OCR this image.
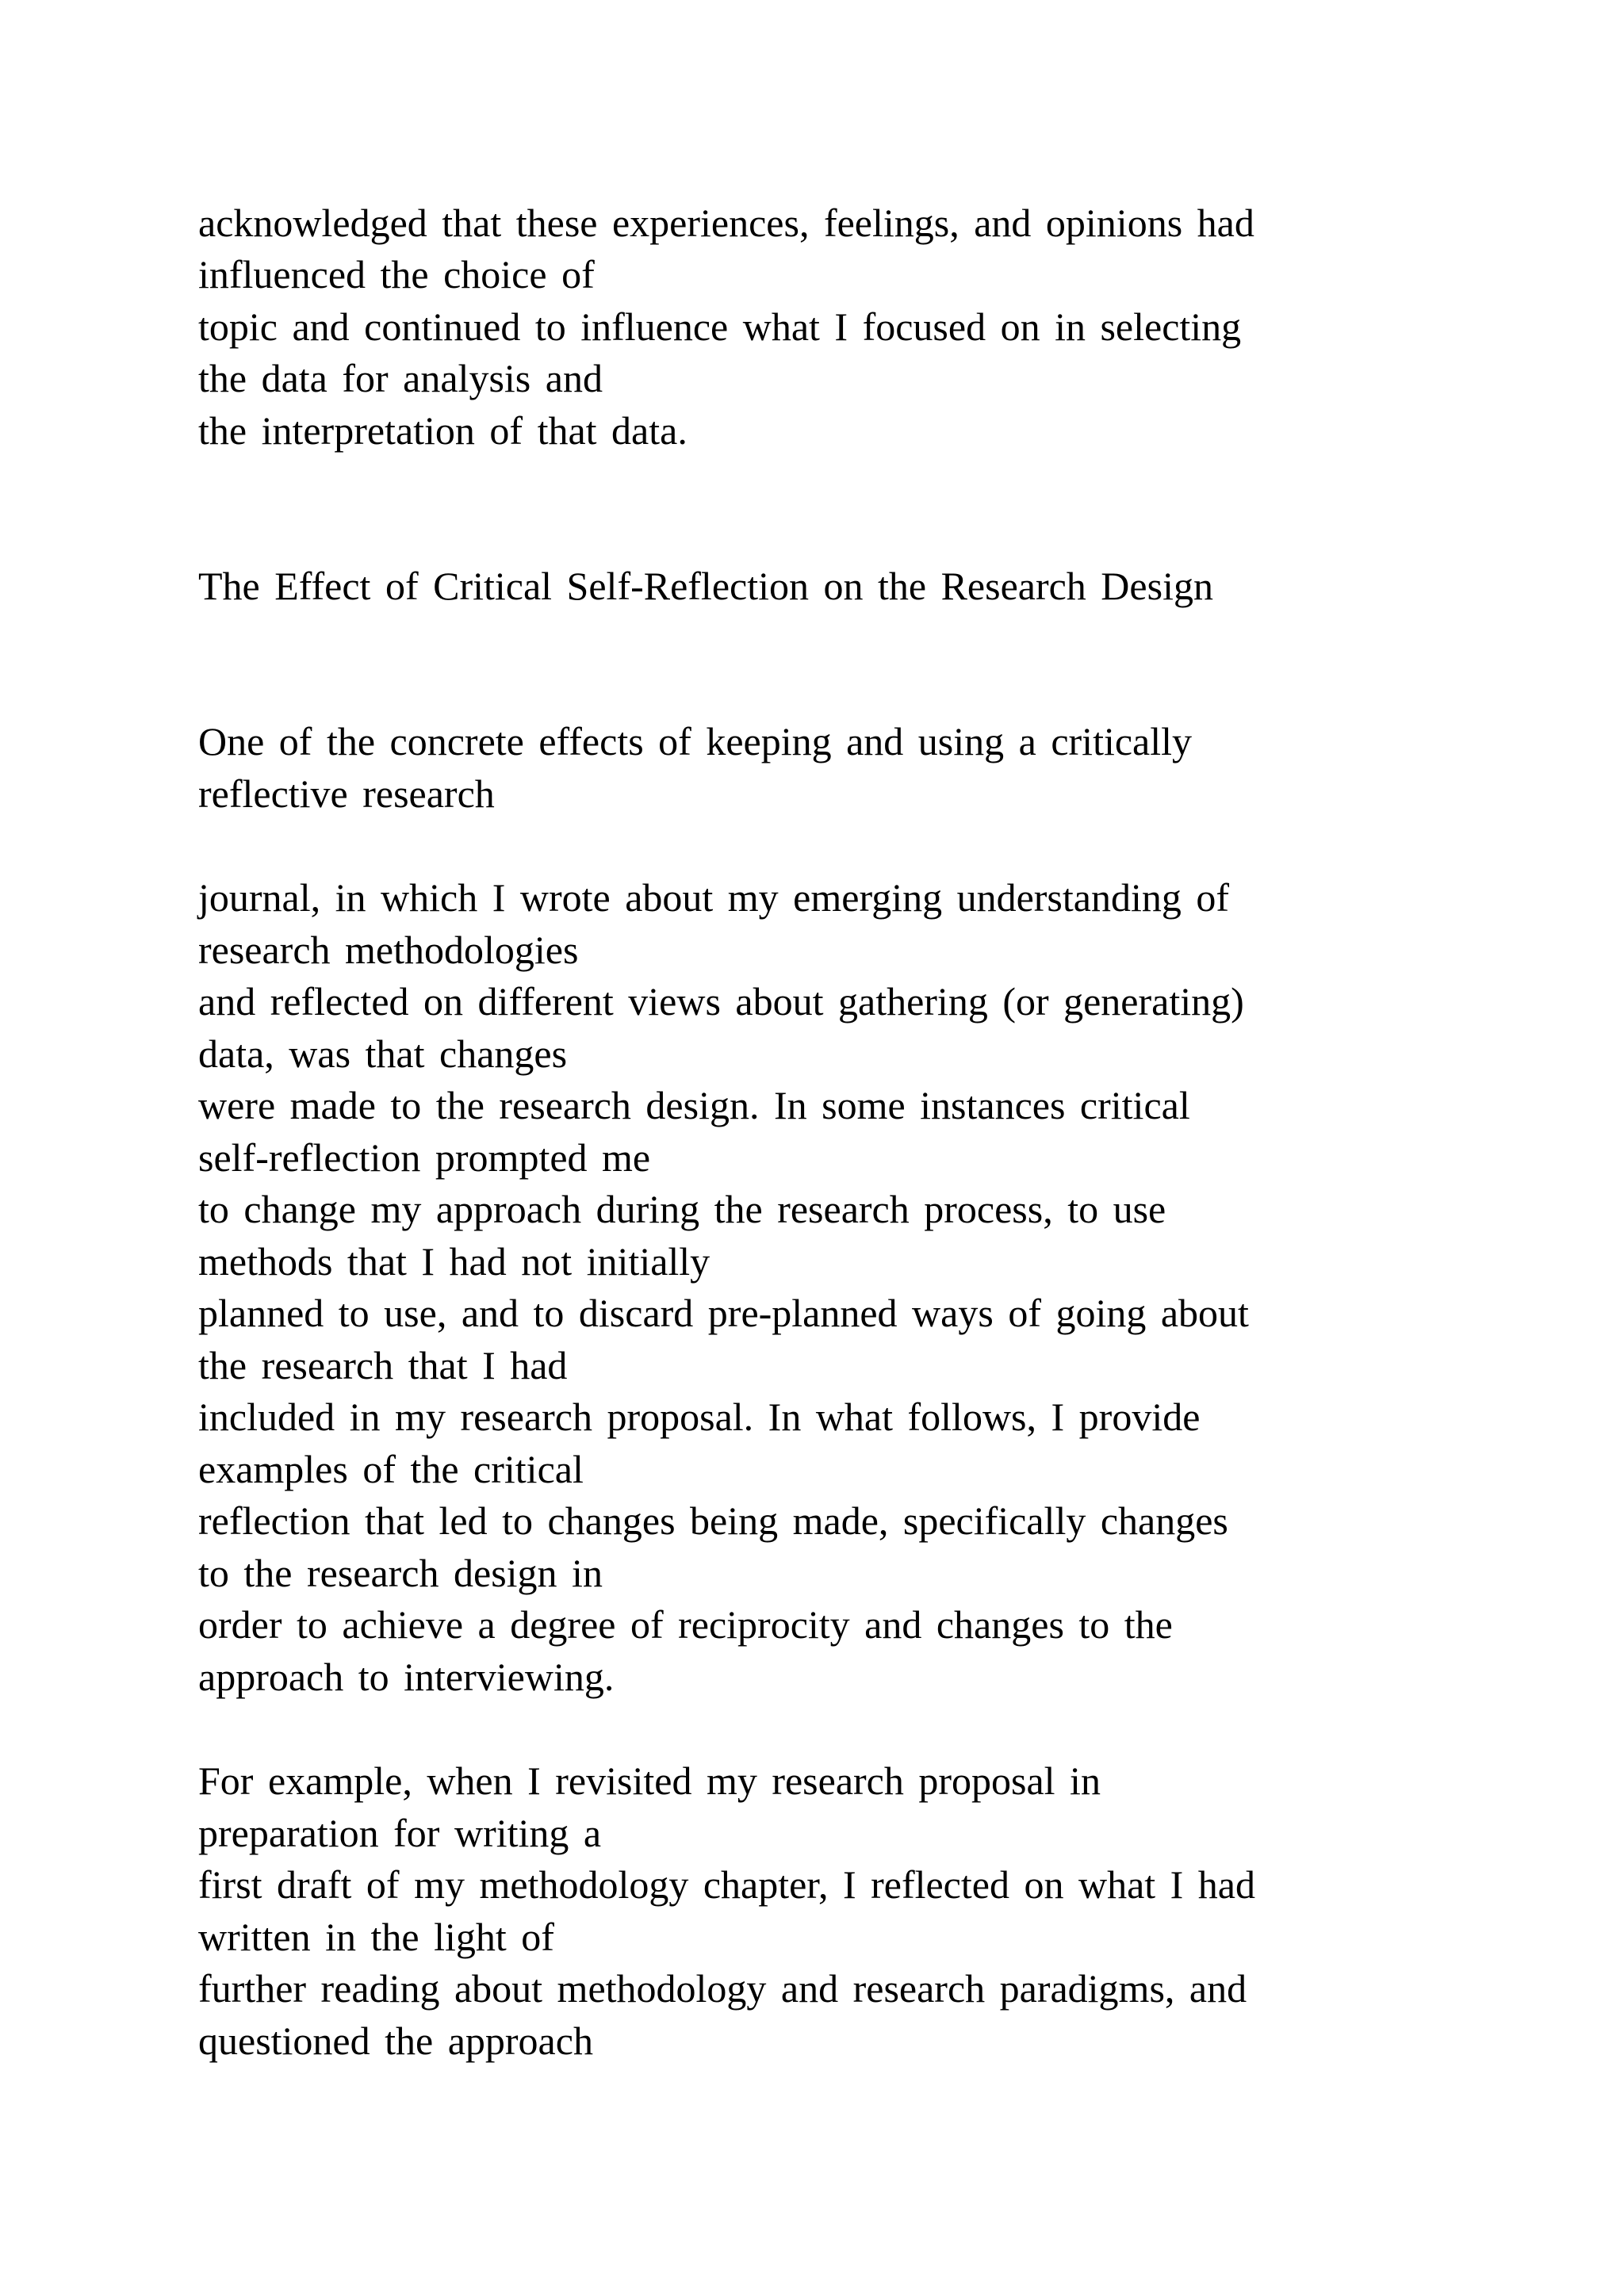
acknowledged that these experiences, feelings, and opinions had

influenced the choice of

topic and continued to influence what I focused on in selecting

the data for analysis and

the interpretation of that data.

The Effect of Critical Self-Reflection on the Research Design

One of the concrete effects of keeping and using a critically

reflective research

journal, in which I wrote about my emerging understanding of

research methodologies

and reflected on different views about gathering (or generating)

data, was that changes

were made to the research design. In some instances critical

self-reflection prompted me

to change my approach during the research process, to use

methods that I had not initially

planned to use, and to discard pre-planned ways of going about

the research that I had

included in my research proposal. In what follows, I provide

examples of the critical

reflection that led to changes being made, specifically changes

to the research design in

order to achieve a degree of reciprocity and changes to the

approach to interviewing.

For example, when I revisited my research proposal in

preparation for writing a

first draft of my methodology chapter, I reflected on what I had

written in the light of

further reading about methodology and research paradigms, and

questioned the approach
